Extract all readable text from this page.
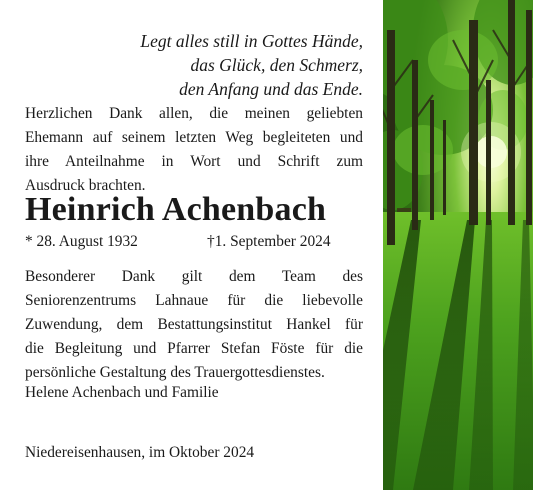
Legt alles still in Gottes Hände,
das Glück, den Schmerz,
den Anfang und das Ende.
Herzlichen Dank allen, die meinen geliebten
Ehemann auf seinem letzten Weg begleiteten und
ihre Anteilnahme in Wort und Schrift zum
Ausdruck brachten.
Heinrich Achenbach
* 28. August 1932	†1. September 2024
Besonderer Dank gilt dem Team des
Seniorenzentrums Lahnaue für die liebevolle
Zuwendung, dem Bestattungsinstitut Hankel für
die Begleitung und Pfarrer Stefan Föste für die
persönliche Gestaltung des Trauergottesdienstes.
Helene Achenbach und Familie
Niedereisenhausen, im Oktober 2024
